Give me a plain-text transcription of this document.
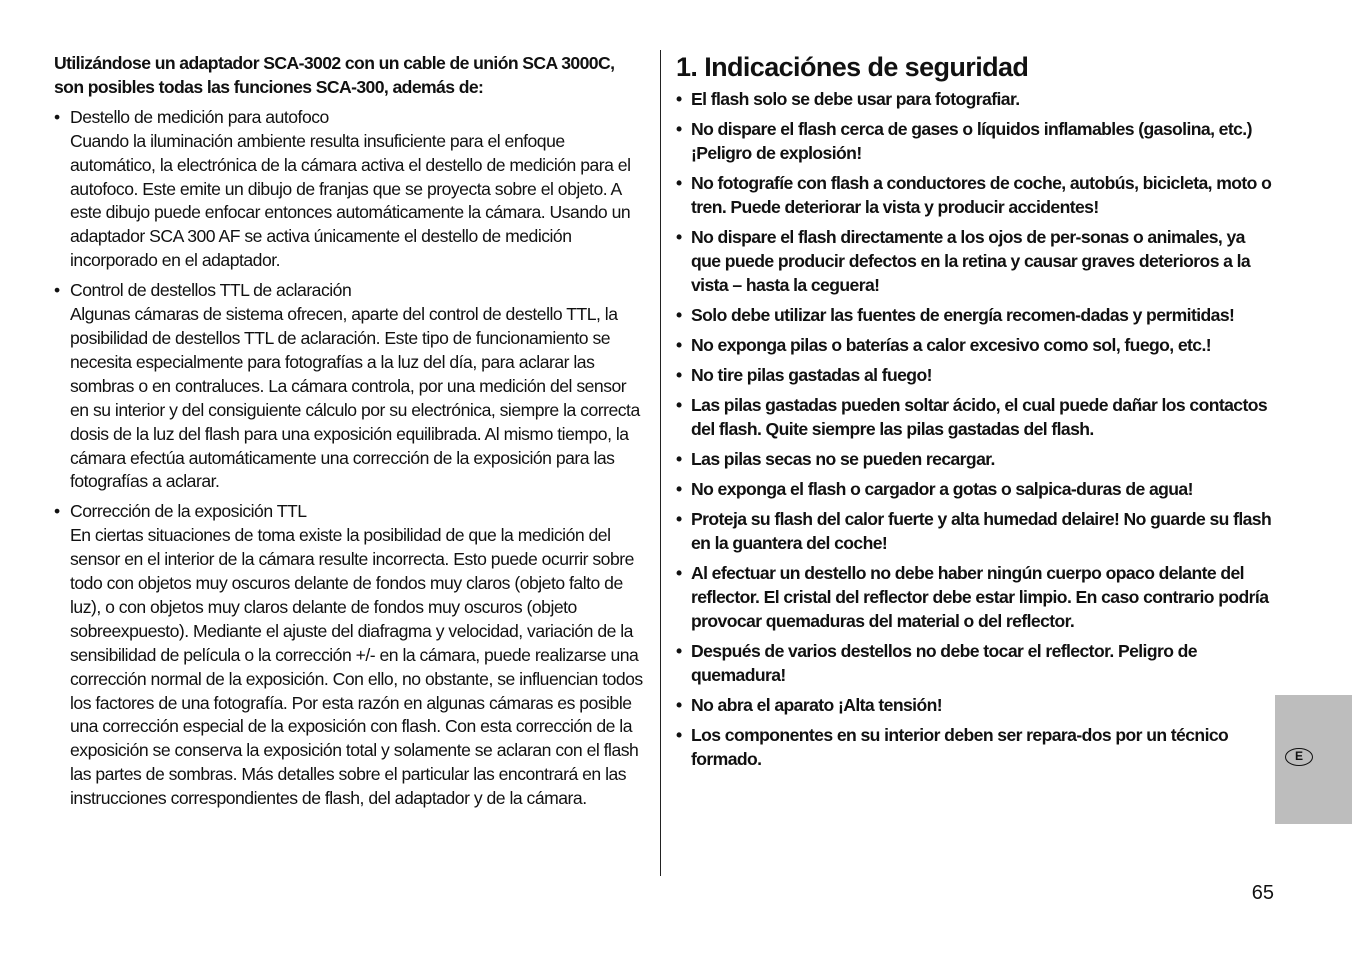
Utilizándose un adaptador SCA-3002 con un cable de unión SCA 3000C, son posibles todas las funciones SCA-300, además de:

• Destello de medición para autofoco
Cuando la iluminación ambiente resulta insuficiente para el enfoque automático, la electrónica de la cámara activa el destello de medición para el autofoco. Este emite un dibujo de franjas que se proyecta sobre el objeto. A este dibujo puede enfocar entonces automáticamente la cámara. Usando un adaptador SCA 300 AF se activa únicamente el destello de medición incorporado en el adaptador.
• Control de destellos TTL de aclaración
Algunas cámaras de sistema ofrecen, aparte del control de destello TTL, la posibilidad de destellos TTL de aclaración. Este tipo de funcionamiento se necesita especialmente para fotografías a la luz del día, para aclarar las sombras o en contraluces. La cámara controla, por una medición del sensor en su interior y del consiguiente cálculo por su electrónica, siempre la correcta dosis de la luz del flash para una exposición equilibrada. Al mismo tiempo, la cámara efectúa automáticamente una corrección de la exposición para las fotografías a aclarar.
• Corrección de la exposición TTL
En ciertas situaciones de toma existe la posibilidad de que la medición del sensor en el interior de la cámara resulte incorrecta. Esto puede ocurrir sobre todo con objetos muy oscuros delante de fondos muy claros (objeto falto de luz), o con objetos muy claros delante de fondos muy oscuros (objeto sobreexpuesto). Mediante el ajuste del diafragma y velocidad, variación de la sensibilidad de película o la corrección +/- en la cámara, puede realizarse una corrección normal de la exposición. Con ello, no obstante, se influencian todos los factores de una fotografía. Por esta razón en algunas cámaras es posible una corrección especial de la exposición con flash. Con esta corrección de la exposición se conserva la exposición total y solamente se aclaran con el flash las partes de sombras. Más detalles sobre el particular las encontrará en las instrucciones correspondientes de flash, del adaptador y de la cámara.
1. Indicaciónes de seguridad
• El flash solo se debe usar para fotografiar.
• No dispare el flash cerca de gases o líquidos inflamables (gasolina, etc.) ¡Peligro de explosión!
• No fotografíe con flash a conductores de coche, autobús, bicicleta, moto o tren. Puede deteriorar la vista y producir accidentes!
• No dispare el flash directamente a los ojos de per-sonas o animales, ya que puede producir defectos en la retina y causar graves deterioros a la vista – hasta la ceguera!
• Solo debe utilizar las fuentes de energía recomen-dadas y permitidas!
• No exponga pilas o baterías a calor excesivo como sol, fuego, etc.!
• No tire pilas gastadas al fuego!
• Las pilas gastadas pueden soltar ácido, el cual puede dañar los contactos del flash. Quite siempre las pilas gastadas del flash.
• Las pilas secas no se pueden recargar.
• No exponga el flash o cargador a gotas o salpica-duras de agua!
• Proteja su flash del calor fuerte y alta humedad delaire! No guarde su flash en la guantera del coche!
• Al efectuar un destello no debe haber ningún cuerpo opaco delante del reflector. El cristal del reflector debe estar limpio. En caso contrario podría provocar quemaduras del material o del reflector.
• Después de varios destellos no debe tocar el reflector. Peligro de quemadura!
• No abra el aparato ¡Alta tensión!
• Los componentes en su interior deben ser repara-dos por un técnico formado.	E
65
